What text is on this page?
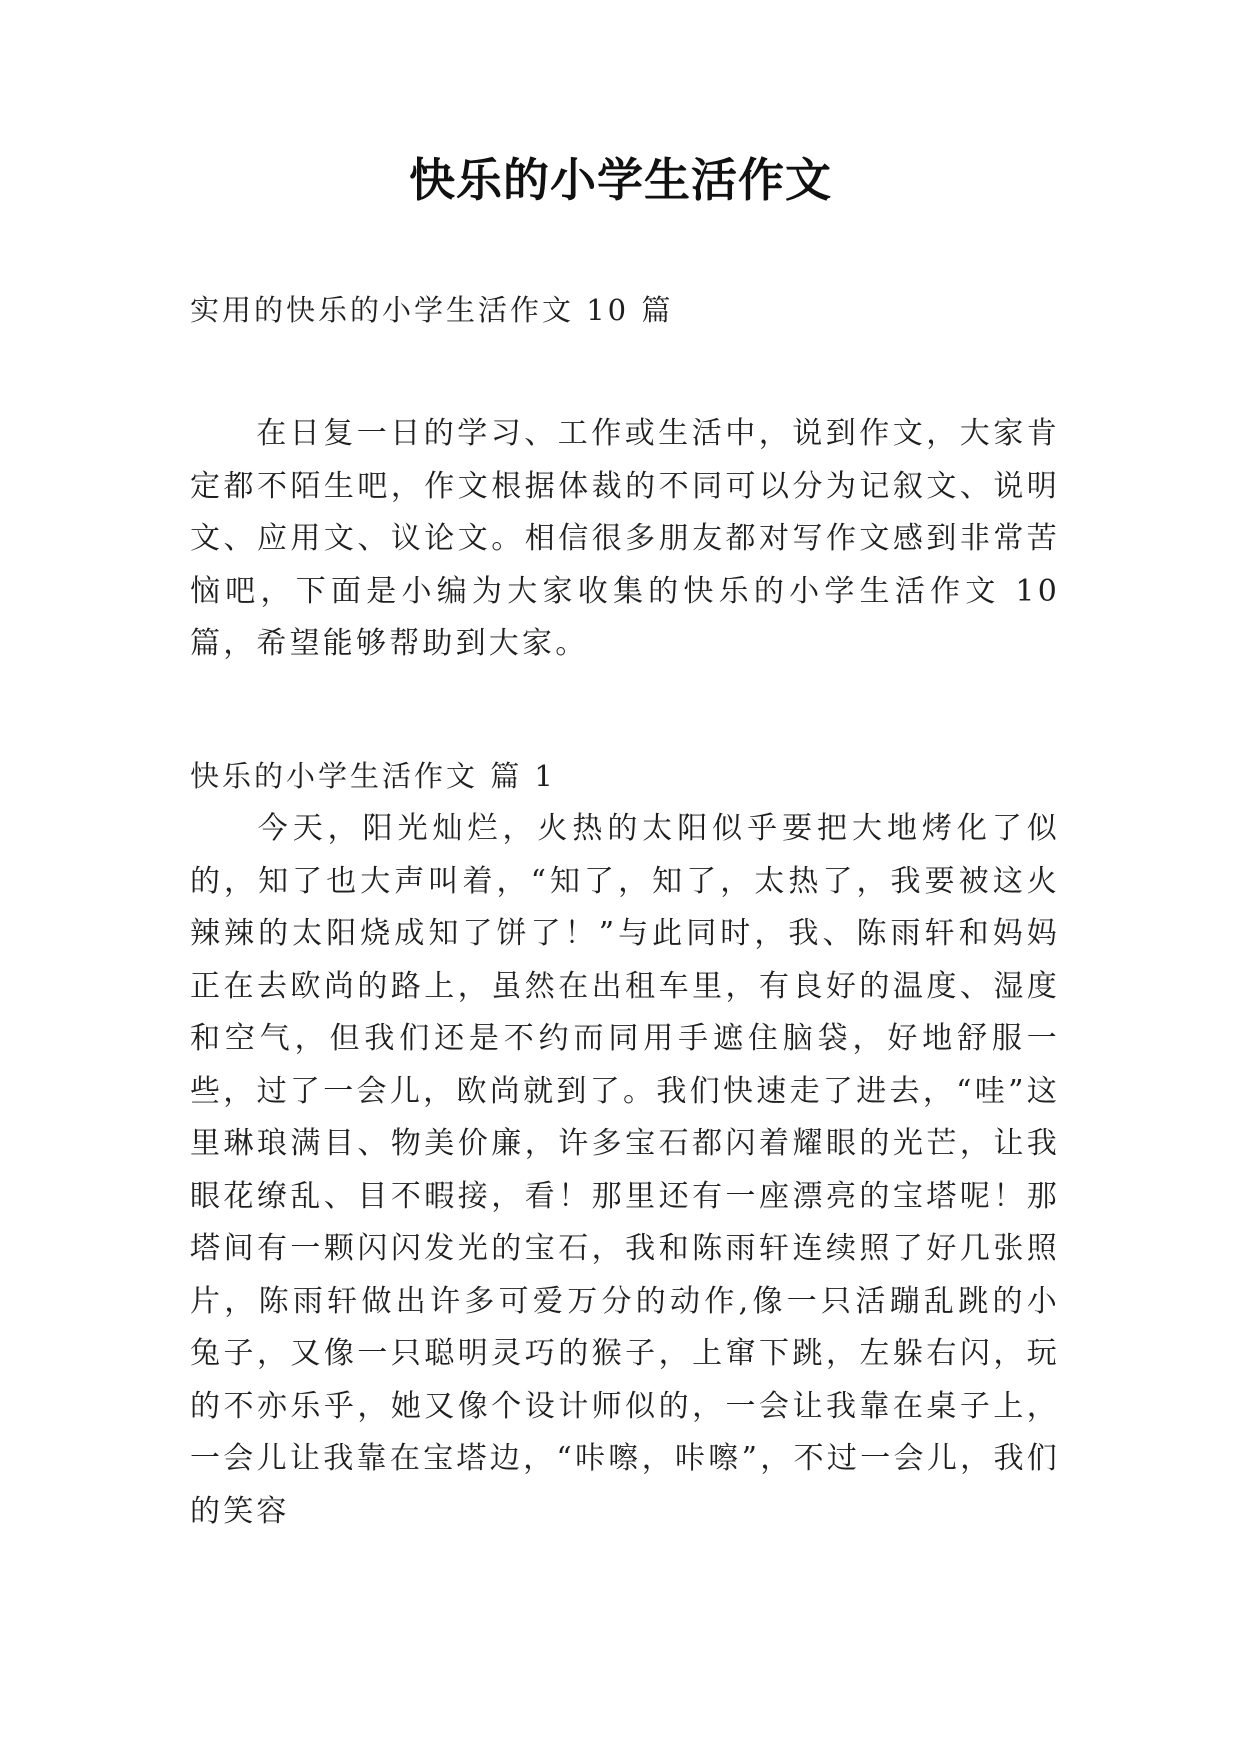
快乐的小学生活作文
实用的快乐的小学生活作文 10 篇

在日复一日的学习、工作或生活中，说到作文，大家肯定都不陌生吧，作文根据体裁的不同可以分为记叙文、说明文、应用文、议论文。相信很多朋友都对写作文感到非常苦恼吧，下面是小编为大家收集的快乐的小学生活作文 10 篇，希望能够帮助到大家。

快乐的小学生活作文 篇 1

今天，阳光灿烂，火热的太阳似乎要把大地烤化了似的，知了也大声叫着，“知了，知了，太热了，我要被这火辣辣的太阳烧成知了饼了！”与此同时，我、陈雨轩和妈妈正在去欧尚的路上，虽然在出租车里，有良好的温度、湿度和空气，但我们还是不约而同用手遮住脑袋，好地舒服一些，过了一会儿，欧尚就到了。我们快速走了进去，“哇”这里琳琅满目、物美价廉，许多宝石都闪着耀眼的光芒，让我眼花缭乱、目不暇接，看！那里还有一座漂亮的宝塔呢！那塔间有一颗闪闪发光的宝石，我和陈雨轩连续照了好几张照片，陈雨轩做出许多可爱万分的动作,像一只活蹦乱跳的小兔子，又像一只聪明灵巧的猴子，上窜下跳，左躲右闪，玩的不亦乐乎，她又像个设计师似的，一会让我靠在桌子上，一会儿让我靠在宝塔边，“咔嚓，咔嚓”，不过一会儿，我们的笑容
